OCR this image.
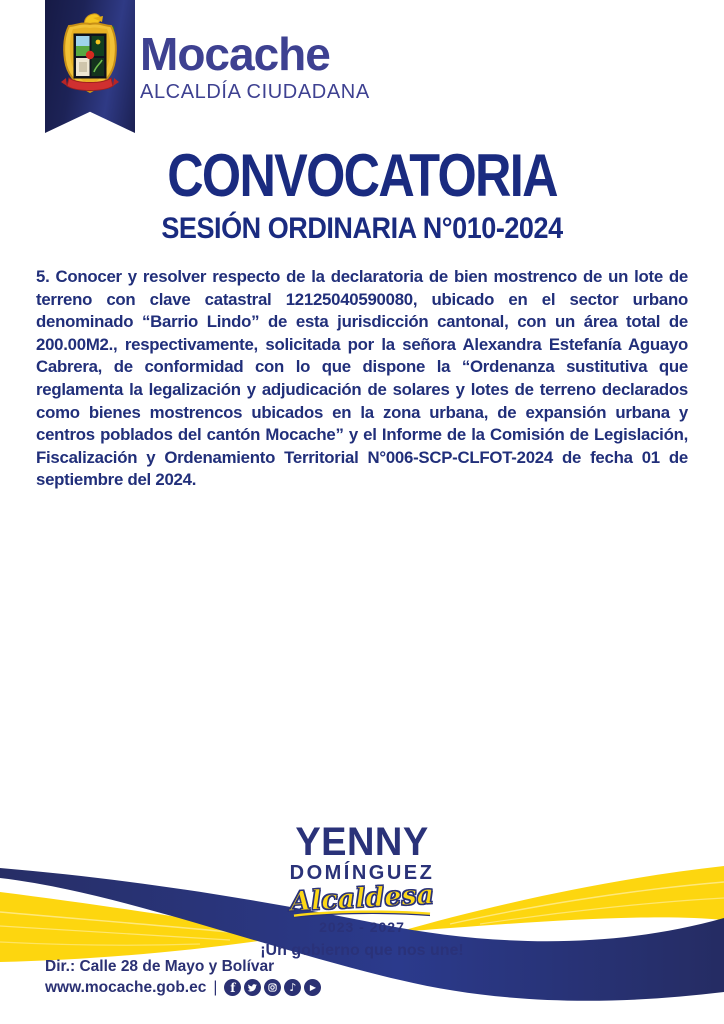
Mocache
ALCALDÍA CIUDADANA
CONVOCATORIA
SESIÓN ORDINARIA N°010-2024

5. Conocer y resolver respecto de la declaratoria de bien mostrenco de un lote de terreno con clave catastral 12125040590080, ubicado en el sector urbano denominado “Barrio Lindo” de esta jurisdicción cantonal, con un área total de 200.00M2., respectivamente, solicitada por la señora Alexandra Estefanía Aguayo Cabrera, de conformidad con lo que dispone la “Ordenanza sustitutiva que reglamenta la legalización y adjudicación de solares y lotes de terreno declarados como bienes mostrencos ubicados en la zona urbana, de expansión urbana y centros poblados del cantón Mocache” y el Informe de la Comisión de Legislación, Fiscalización y Ordenamiento Territorial N°006-SCP-CLFOT-2024 de fecha 01 de septiembre del 2024.

YENNY
DOMÍNGUEZ
Alcaldesa
2023 - 2027
¡Un gobierno que nos une!
Dir.: Calle 28 de Mayo y Bolívar
www.mocache.gob.ec | f	♪ ▶
